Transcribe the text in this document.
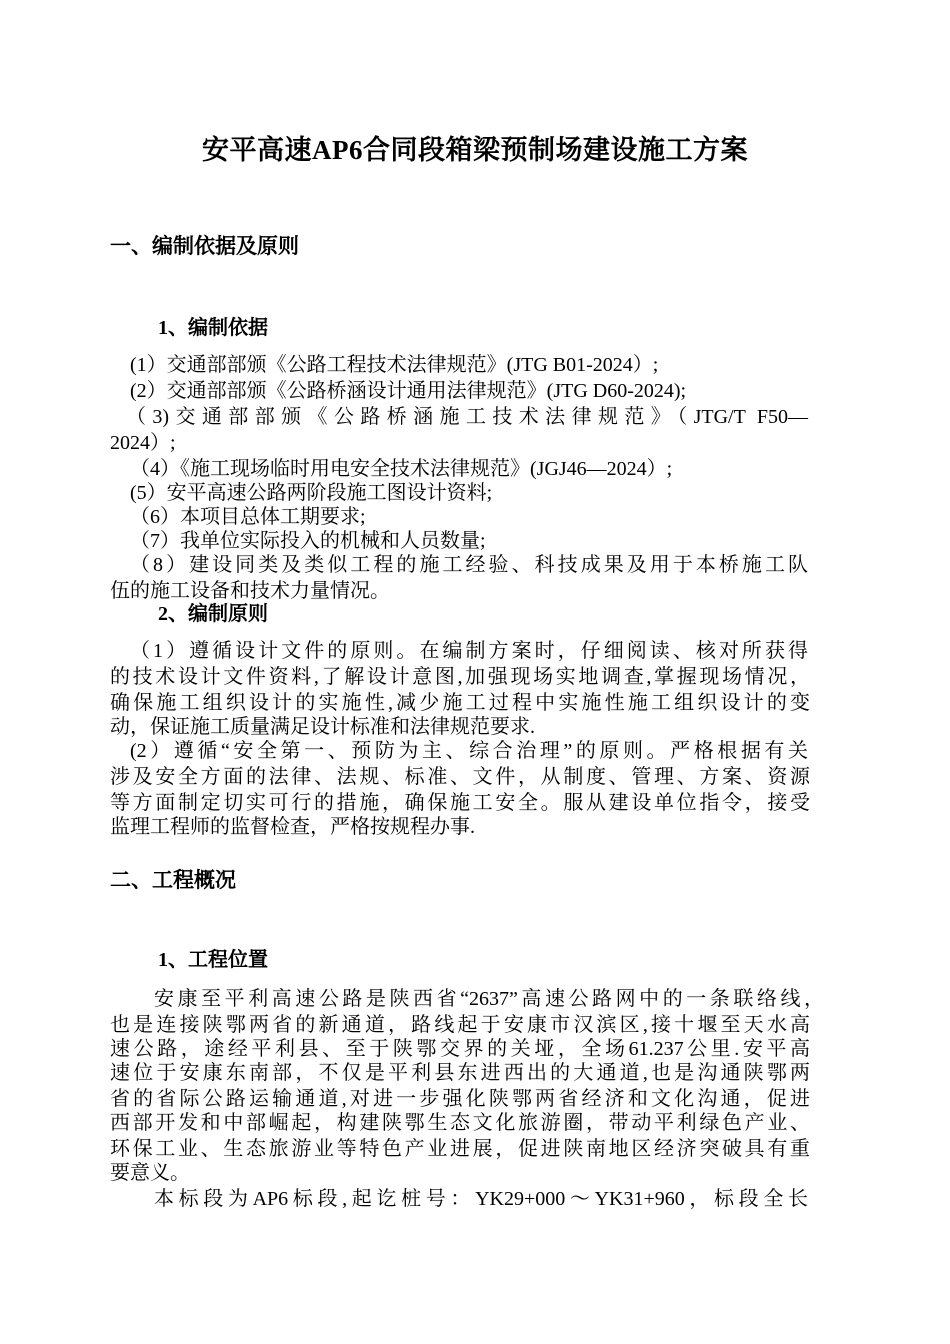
安平高速AP6合同段箱梁预制场建设施工方案
一、编制依据及原则
1、编制依据
(1）交通部部颁《公路工程技术法律规范》(JTG B01-2024）;
(2）交通部部颁《公路桥涵设计通用法律规范》(JTG D60-2024);
（3)交通部部颁《公路桥涵施工技术法律规范》（JTG/T F50—
2024）;
（4）《施工现场临时用电安全技术法律规范》(JGJ46—2024）;
(5）安平高速公路两阶段施工图设计资料;
（6）本项目总体工期要求;
（7）我单位实际投入的机械和人员数量;
（8）建设同类及类似工程的施工经验、科技成果及用于本桥施工队
伍的施工设备和技术力量情况。
2、编制原则
（1）遵循设计文件的原则。在编制方案时，仔细阅读、核对所获得
的技术设计文件资料,了解设计意图,加强现场实地调查,掌握现场情况，
确保施工组织设计的实施性,减少施工过程中实施性施工组织设计的变
动，保证施工质量满足设计标准和法律规范要求.
(2）遵循“安全第一、预防为主、综合治理”的原则。严格根据有关
涉及安全方面的法律、法规、标准、文件，从制度、管理、方案、资源
等方面制定切实可行的措施，确保施工安全。服从建设单位指令，接受
监理工程师的监督检查，严格按规程办事.
二、工程概况
1、工程位置
安康至平利高速公路是陕西省“2637”高速公路网中的一条联络线，
也是连接陕鄂两省的新通道，路线起于安康市汉滨区,接十堰至天水高
速公路，途经平利县、至于陕鄂交界的关垭，全场61.237公里.安平高
速位于安康东南部，不仅是平利县东进西出的大通道,也是沟通陕鄂两
省的省际公路运输通道,对进一步强化陕鄂两省经济和文化沟通，促进
西部开发和中部崛起，构建陕鄂生态文化旅游圈，带动平利绿色产业、
环保工业、生态旅游业等特色产业进展，促进陕南地区经济突破具有重
要意义。
本标段为AP6标段,起讫桩号：YK29+000～YK31+960，标段全长
